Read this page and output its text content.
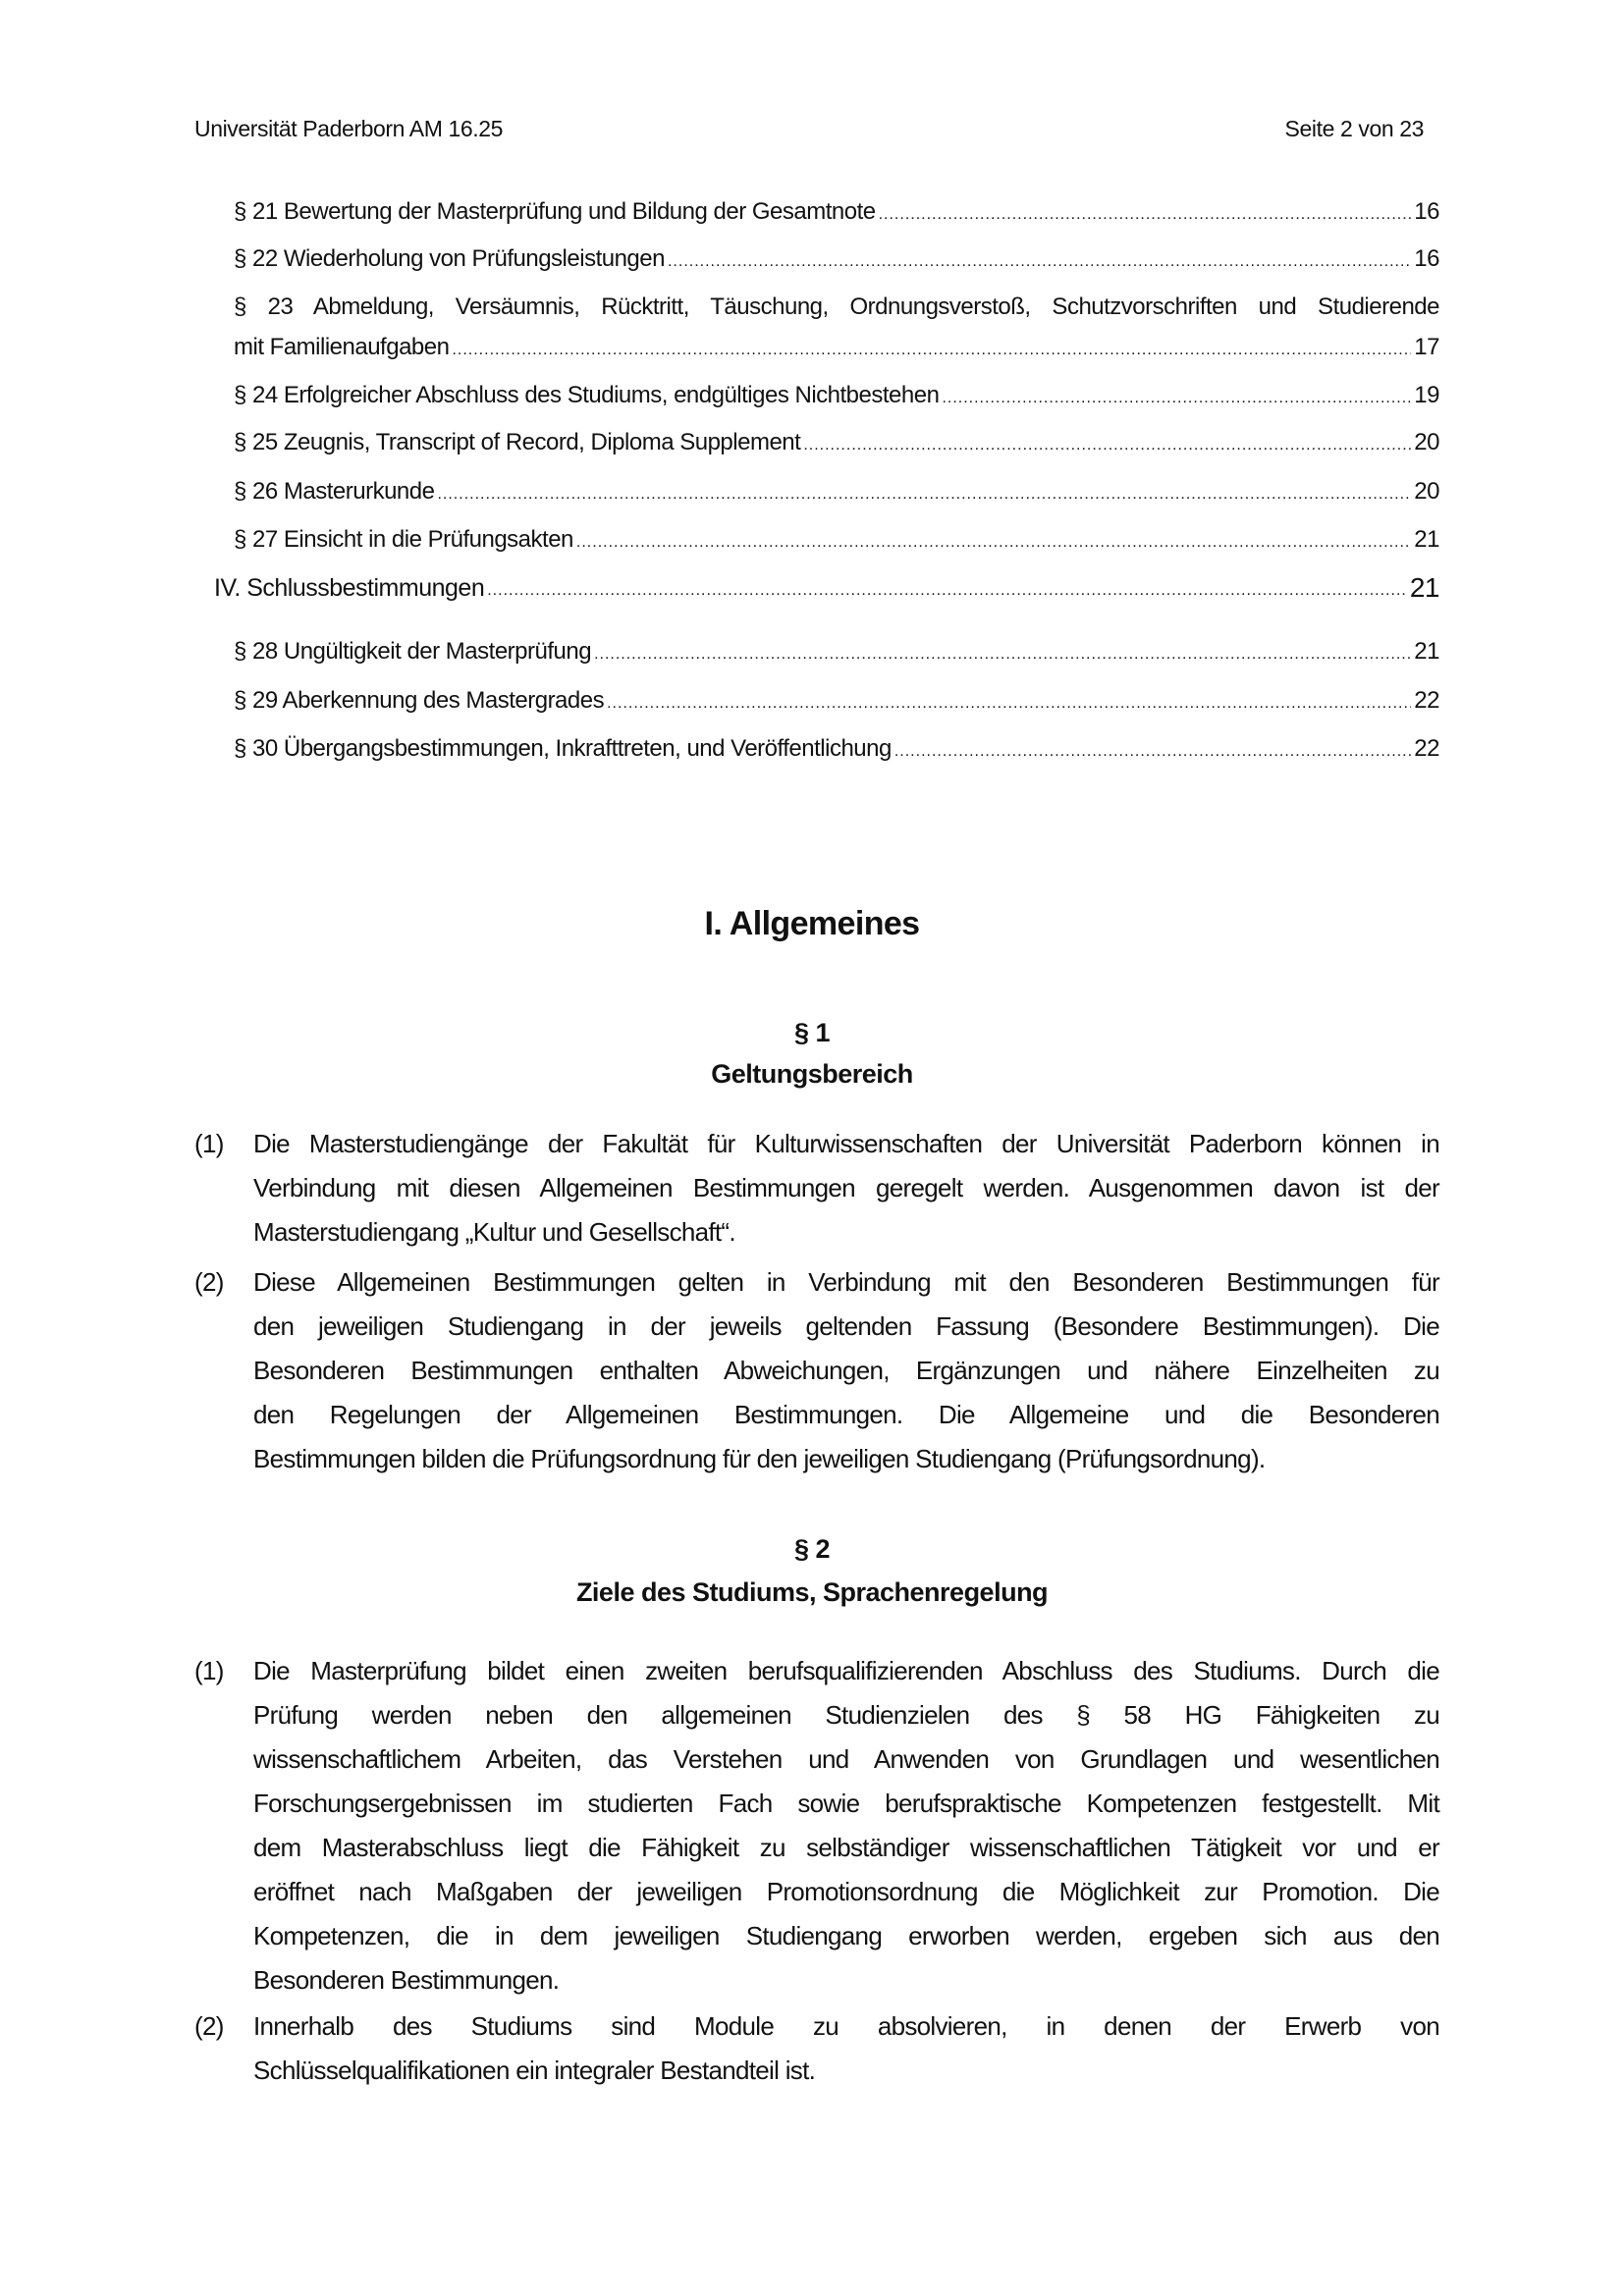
Universität Paderborn AM 16.25	Seite 2 von 23
§ 21 Bewertung der Masterprüfung und Bildung der Gesamtnote .....	16
§ 22 Wiederholung von Prüfungsleistungen .....	16
§ 23 Abmeldung, Versäumnis, Rücktritt, Täuschung, Ordnungsverstoß, Schutzvorschriften und Studierende
mit Familienaufgaben .....	17
§ 24 Erfolgreicher Abschluss des Studiums, endgültiges Nichtbestehen .....	19
§ 25 Zeugnis, Transcript of Record, Diploma Supplement .....	20
§ 26 Masterurkunde .....	20
§ 27 Einsicht in die Prüfungsakten .....	21
IV. Schlussbestimmungen .....	21
§ 28 Ungültigkeit der Masterprüfung .....	21
§ 29 Aberkennung des Mastergrades .....	22
§ 30 Übergangsbestimmungen, Inkrafttreten, und Veröffentlichung .....	22
I. Allgemeines
§ 1
Geltungsbereich
(1) Die Masterstudiengänge der Fakultät für Kulturwissenschaften der Universität Paderborn können in
Verbindung mit diesen Allgemeinen Bestimmungen geregelt werden. Ausgenommen davon ist der
Masterstudiengang „Kultur und Gesellschaft“.
(2) Diese Allgemeinen Bestimmungen gelten in Verbindung mit den Besonderen Bestimmungen für
den jeweiligen Studiengang in der jeweils geltenden Fassung (Besondere Bestimmungen). Die
Besonderen Bestimmungen enthalten Abweichungen, Ergänzungen und nähere Einzelheiten zu
den Regelungen der Allgemeinen Bestimmungen. Die Allgemeine und die Besonderen
Bestimmungen bilden die Prüfungsordnung für den jeweiligen Studiengang (Prüfungsordnung).
§ 2
Ziele des Studiums, Sprachenregelung
(1) Die Masterprüfung bildet einen zweiten berufsqualifizierenden Abschluss des Studiums. Durch die
Prüfung werden neben den allgemeinen Studienzielen des § 58 HG Fähigkeiten zu
wissenschaftlichem Arbeiten, das Verstehen und Anwenden von Grundlagen und wesentlichen
Forschungsergebnissen im studierten Fach sowie berufspraktische Kompetenzen festgestellt. Mit
dem Masterabschluss liegt die Fähigkeit zu selbständiger wissenschaftlichen Tätigkeit vor und er
eröffnet nach Maßgaben der jeweiligen Promotionsordnung die Möglichkeit zur Promotion. Die
Kompetenzen, die in dem jeweiligen Studiengang erworben werden, ergeben sich aus den
Besonderen Bestimmungen.
(2) Innerhalb des Studiums sind Module zu absolvieren, in denen der Erwerb von
Schlüsselqualifikationen ein integraler Bestandteil ist.
